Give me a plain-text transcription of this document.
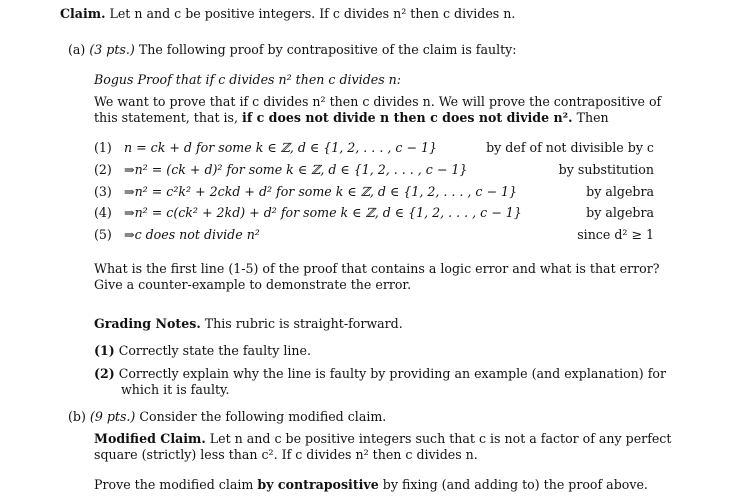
Claim. Let n and c be positive integers. If c divides n² then c divides n.
(a) (3 pts.) The following proof by contrapositive of the claim is faulty:
Bogus Proof that if c divides n² then c divides n:
We want to prove that if c divides n² then c divides n. We will prove the contrapositive of
this statement, that is, if c does not divide n then c does not divide n². Then
(1) n = ck + d for some k ∈ ℤ, d ∈ {1, 2, . . . , c − 1}	by def of not divisible by c
(2) ⇒n² = (ck + d)² for some k ∈ ℤ, d ∈ {1, 2, . . . , c − 1}	by substitution
(3) ⇒n² = c²k² + 2ckd + d² for some k ∈ ℤ, d ∈ {1, 2, . . . , c − 1}	by algebra
(4) ⇒n² = c(ck² + 2kd) + d² for some k ∈ ℤ, d ∈ {1, 2, . . . , c − 1}	by algebra
(5) ⇒c does not divide n²	since d² ≥ 1
What is the first line (1-5) of the proof that contains a logic error and what is that error?
Give a counter-example to demonstrate the error.
Grading Notes. This rubric is straight-forward.
(1) Correctly state the faulty line.
(2) Correctly explain why the line is faulty by providing an example (and explanation) for
which it is faulty.
(b) (9 pts.) Consider the following modified claim.
Modified Claim. Let n and c be positive integers such that c is not a factor of any perfect
square (strictly) less than c². If c divides n² then c divides n.
Prove the modified claim by contrapositive by fixing (and adding to) the proof above.
